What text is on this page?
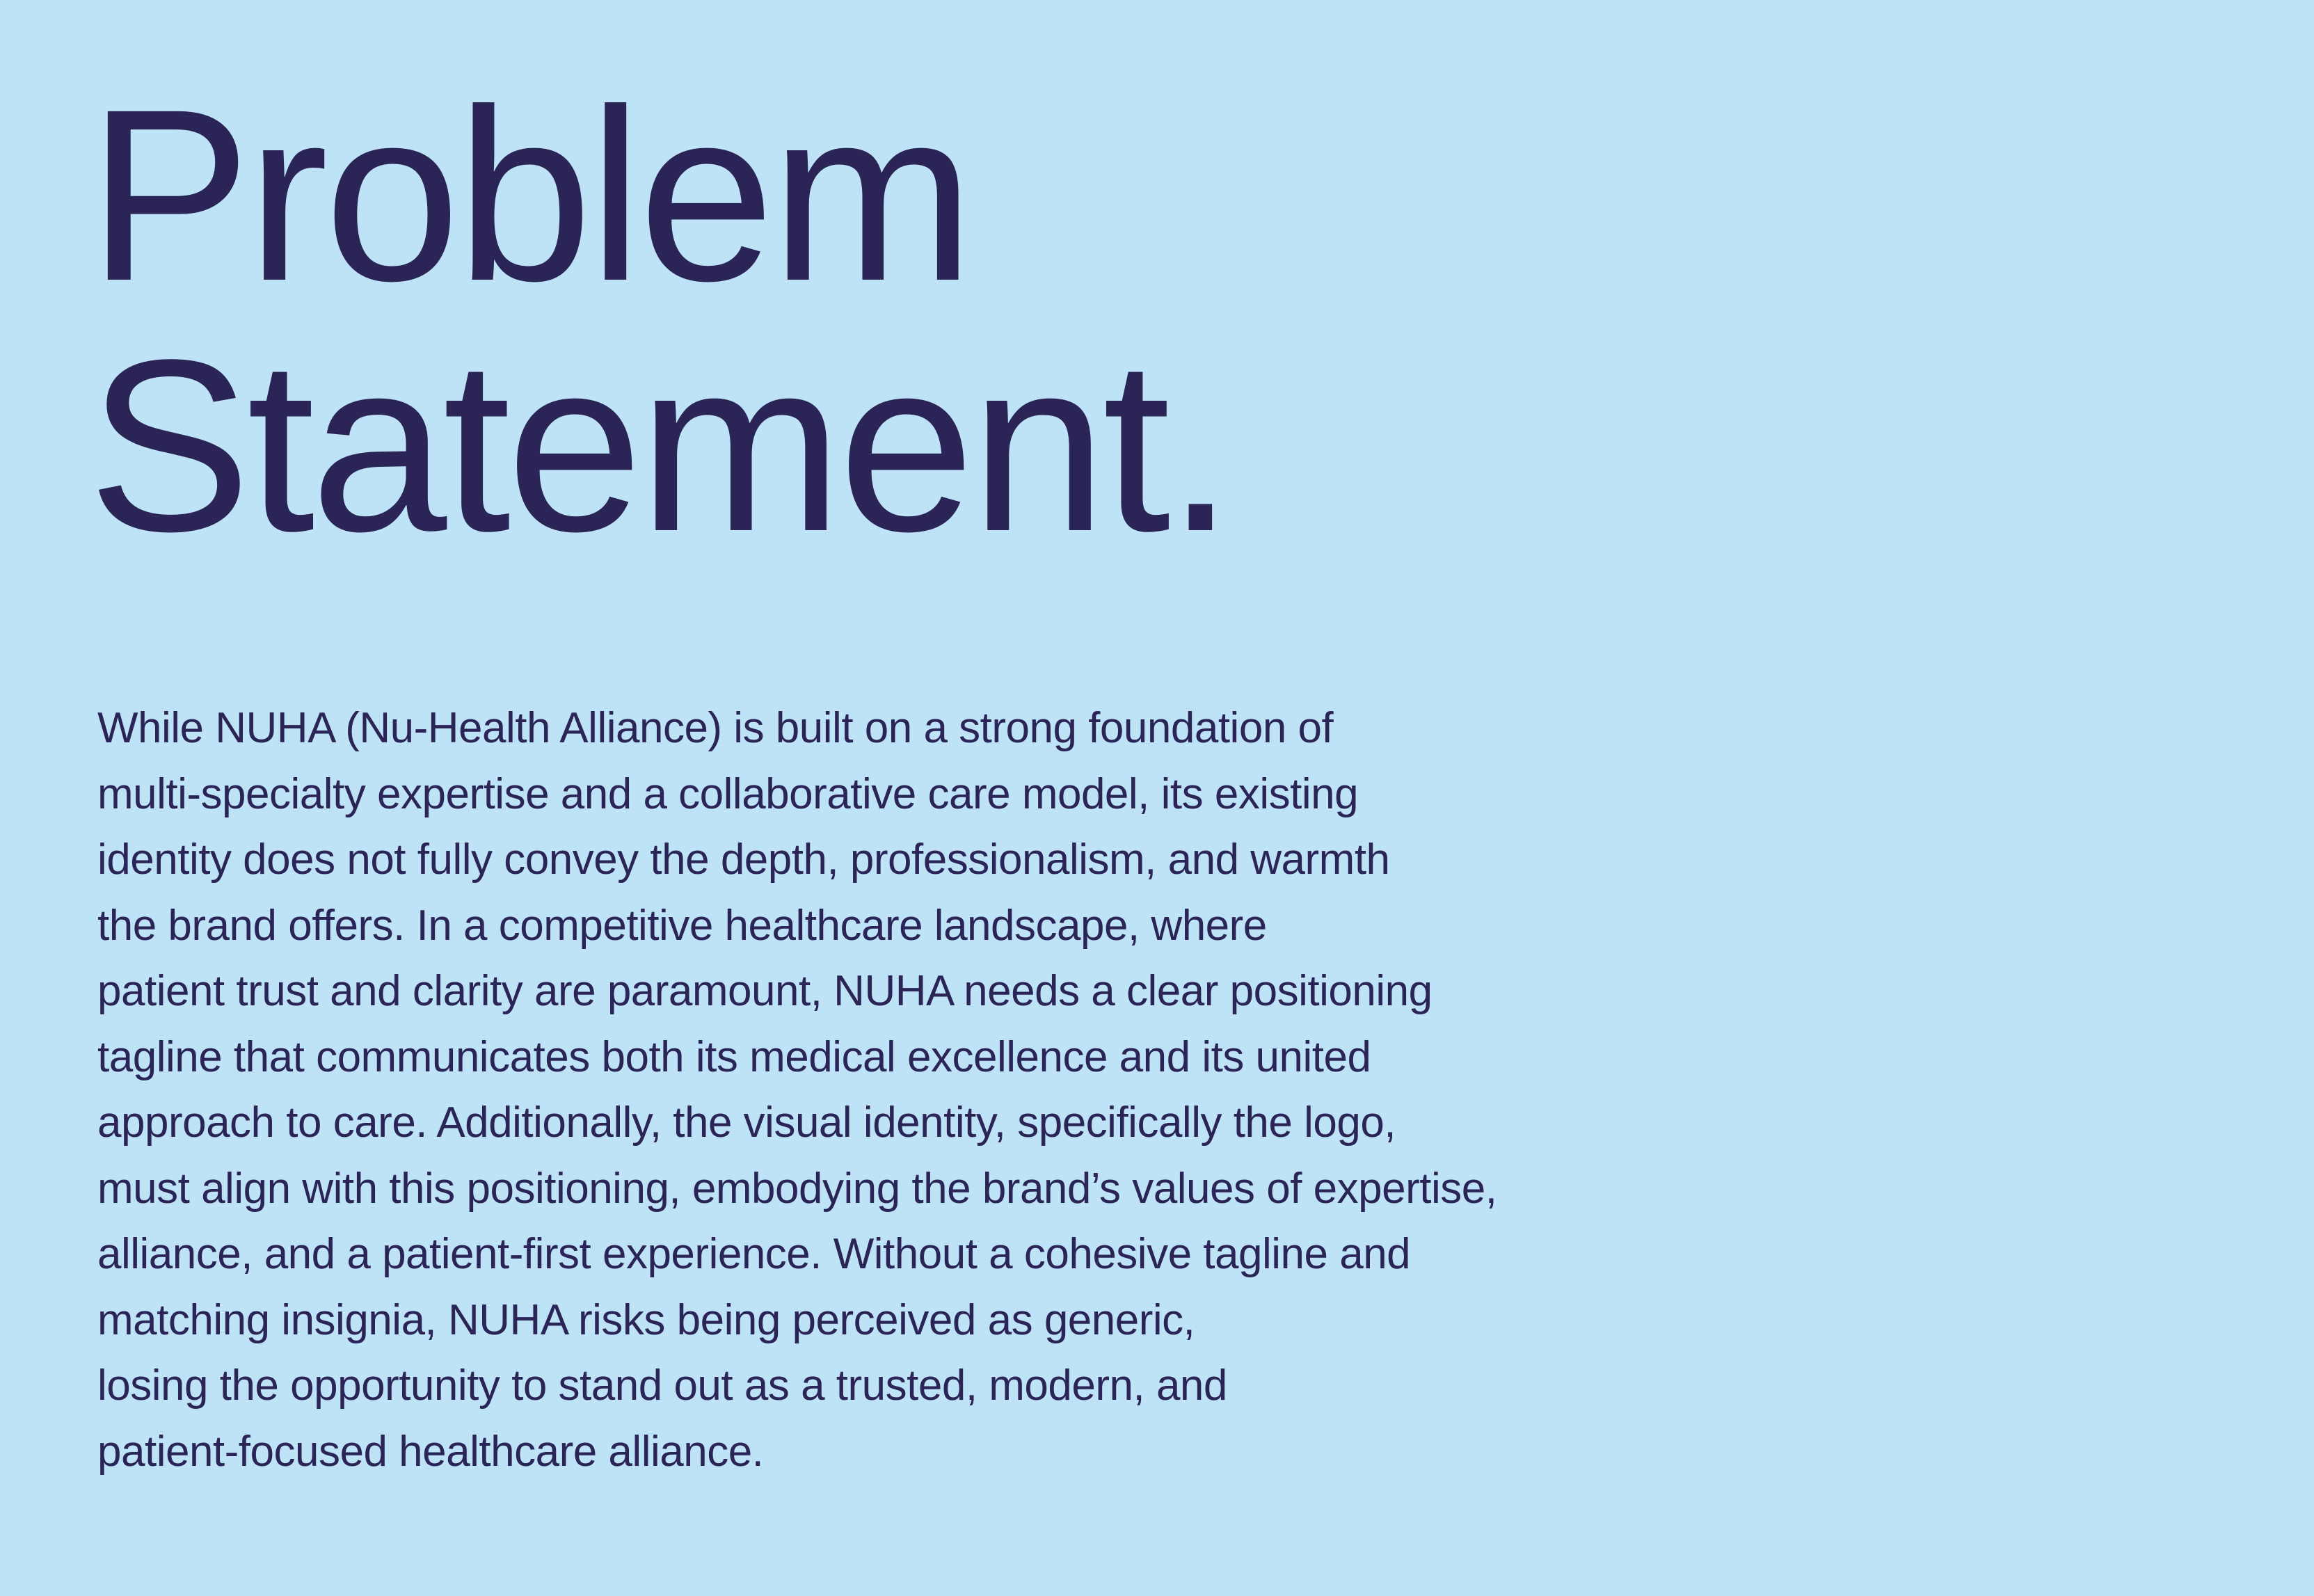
Problem
Statement.

While NUHA (Nu-Health Alliance) is built on a strong foundation of
multi-specialty expertise and a collaborative care model, its existing
identity does not fully convey the depth, professionalism, and warmth
the brand offers. In a competitive healthcare landscape, where
patient trust and clarity are paramount, NUHA needs a clear positioning
tagline that communicates both its medical excellence and its united
approach to care. Additionally, the visual identity, specifically the logo,
must align with this positioning, embodying the brand’s values of expertise,
alliance, and a patient-first experience. Without a cohesive tagline and
matching insignia, NUHA risks being perceived as generic,
losing the opportunity to stand out as a trusted, modern, and
patient-focused healthcare alliance.
